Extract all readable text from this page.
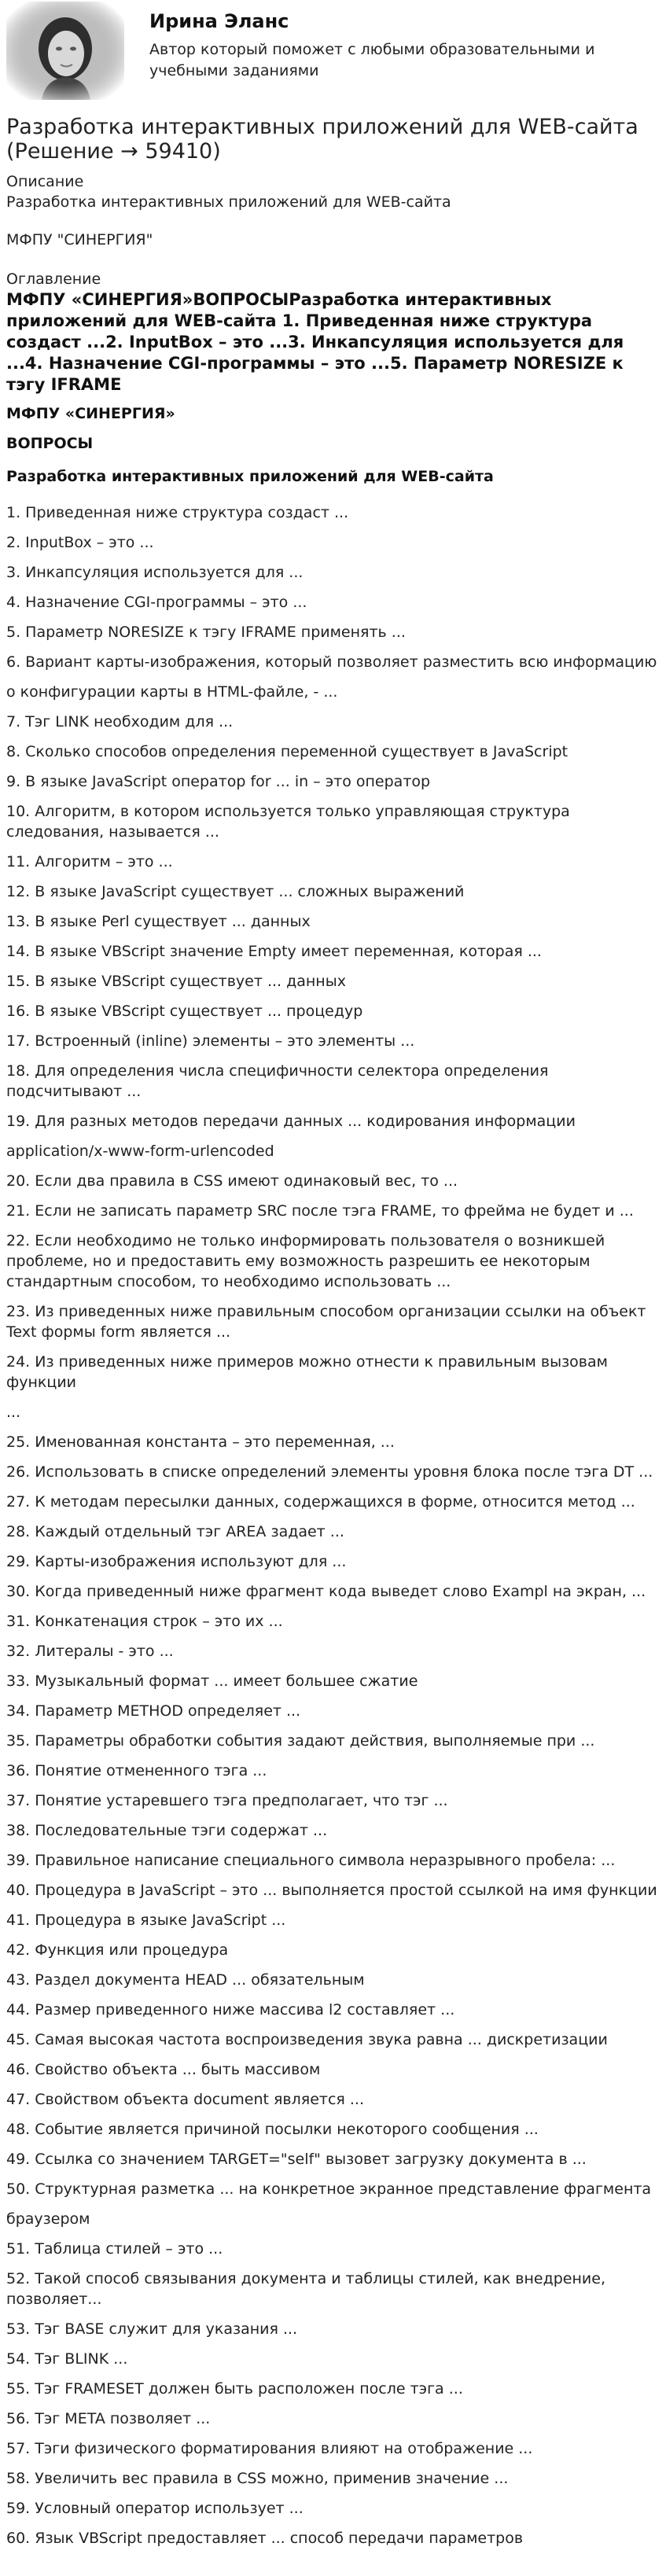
Ирина Эланс
Автор который поможет с любыми образовательными и учебными заданиями
Разработка интерактивных приложений для WEB-сайта (Решение → 59410)
Описание
Разработка интерактивных приложений для WEB-сайта
МФПУ "СИНЕРГИЯ"
Оглавление
МФПУ «СИНЕРГИЯ»ВОПРОСЫРазработка интерактивных приложений для WEB-сайта 1. Приведенная ниже структура создаст ...2. InputBox – это ...3. Инкапсуляция используется для ...4. Назначение CGI-программы – это ...5. Параметр NORESIZE к тэгу IFRAME
МФПУ «СИНЕРГИЯ»
ВОПРОСЫ
Разработка интерактивных приложений для WEB-сайта
1. Приведенная ниже структура создаст ...
2. InputBox – это ...
3. Инкапсуляция используется для ...
4. Назначение CGI-программы – это ...
5. Параметр NORESIZE к тэгу IFRAME применять ...
6. Вариант карты-изображения, который позволяет разместить всю информацию
о конфигурации карты в HTML-файле, - ...
7. Тэг LINK необходим для ...
8. Сколько способов определения переменной существует в JavaScript
9. В языке JavaScript оператор for ... in – это оператор
10. Алгоритм, в котором используется только управляющая структура следования, называется ...
11. Алгоритм – это ...
12. В языке JavaScript существует ... сложных выражений
13. В языке Perl существует ... данных
14. В языке VBScript значение Empty имеет переменная, которая ...
15. В языке VBScript существует ... данных
16. В языке VBScript существует ... процедур
17. Встроенный (inline) элементы – это элементы ...
18. Для определения числа специфичности селектора определения подсчитывают ...
19. Для разных методов передачи данных ... кодирования информации
application/x-www-form-urlencoded
20. Если два правила в CSS имеют одинаковый вес, то ...
21. Если не записать параметр SRC после тэга FRAME, то фрейма не будет и ...
22. Если необходимо не только информировать пользователя о возникшей проблеме, но и предоставить ему возможность разрешить ее некоторым стандартным способом, то необходимо использовать ...
23. Из приведенных ниже правильным способом организации ссылки на объект Text формы form является ...
24. Из приведенных ниже примеров можно отнести к правильным вызовам функции
...
25. Именованная константа – это переменная, ...
26. Использовать в списке определений элементы уровня блока после тэга DT ...
27. К методам пересылки данных, содержащихся в форме, относится метод ...
28. Каждый отдельный тэг AREA задает ...
29. Карты-изображения используют для ...
30. Когда приведенный ниже фрагмент кода выведет слово Exampl на экран, ...
31. Конкатенация строк – это их ...
32. Литералы - это ...
33. Музыкальный формат ... имеет большее сжатие
34. Параметр METHOD определяет ...
35. Параметры обработки события задают действия, выполняемые при ...
36. Понятие отмененного тэга ...
37. Понятие устаревшего тэга предполагает, что тэг ...
38. Последовательные тэги содержат ...
39. Правильное написание специального символа неразрывного пробела: ...
40. Процедура в JavaScript – это ... выполняется простой ссылкой на имя функции
41. Процедура в языке JavaScript ...
42. Функция или процедура
43. Раздел документа HEAD ... обязательным
44. Размер приведенного ниже массива l2 составляет ...
45. Самая высокая частота воспроизведения звука равна ... дискретизации
46. Свойство объекта ... быть массивом
47. Свойством объекта document является ...
48. Событие является причиной посылки некоторого сообщения ...
49. Ссылка со значением TARGET="self" вызовет загрузку документа в ...
50. Структурная разметка ... на конкретное экранное представление фрагмента
браузером
51. Таблица стилей – это ...
52. Такой способ связывания документа и таблицы стилей, как внедрение, позволяет...
53. Тэг BASE служит для указания ...
54. Тэг BLINK ...
55. Тэг FRAMESET должен быть расположен после тэга ...
56. Тэг META позволяет ...
57. Тэги физического форматирования влияют на отображение ...
58. Увеличить вес правила в CSS можно, применив значение ...
59. Условный оператор использует ...
60. Язык VBScript предоставляет ... способ передачи параметров
